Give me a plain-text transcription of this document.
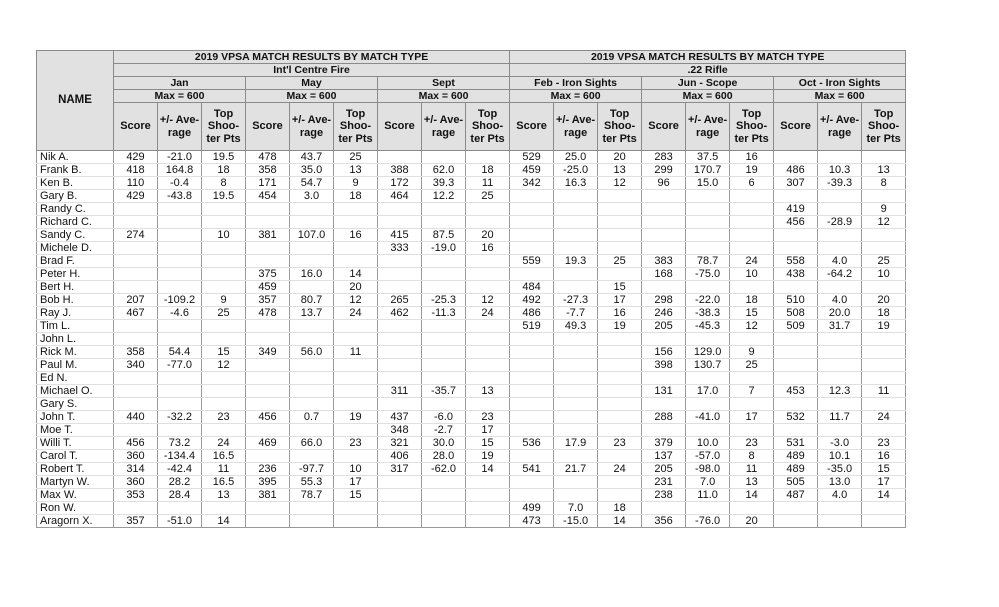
NAME	2019 VPSA MATCH RESULTS BY MATCH TYPE									2019 VPSA MATCH RESULTS BY MATCH TYPE								
	Int'l Centre Fire									.22 Rifle								
	Jan			May			Sept			Feb - Iron Sights			Jun - Scope			Oct - Iron Sights		
	Max = 600			Max = 600			Max = 600			Max = 600			Max = 600			Max = 600		
	Score	+/- Ave-rage	Top Shoo-ter Pts	Score	+/- Ave-rage	Top Shoo-ter Pts	Score	+/- Ave-rage	Top Shoo-ter Pts	Score	+/- Ave-rage	Top Shoo-ter Pts	Score	+/- Ave-rage	Top Shoo-ter Pts	Score	+/- Ave-rage	Top Shoo-ter Pts
Nik A.	429	-21.0	19.5	478	43.7	25				529	25.0	20	283	37.5	16			
Frank B.	418	164.8	18	358	35.0	13	388	62.0	18	459	-25.0	13	299	170.7	19	486	10.3	13
Ken B.	110	-0.4	8	171	54.7	9	172	39.3	11	342	16.3	12	96	15.0	6	307	-39.3	8
Gary B.	429	-43.8	19.5	454	3.0	18	464	12.2	25									
Randy C.																419		9
Richard C.																456	-28.9	12
Sandy C.	274		10	381	107.0	16	415	87.5	20									
Michele D.							333	-19.0	16									
Brad F.										559	19.3	25	383	78.7	24	558	4.0	25
Peter H.				375	16.0	14							168	-75.0	10	438	-64.2	10
Bert H.				459		20				484		15						
Bob H.	207	-109.2	9	357	80.7	12	265	-25.3	12	492	-27.3	17	298	-22.0	18	510	4.0	20
Ray J.	467	-4.6	25	478	13.7	24	462	-11.3	24	486	-7.7	16	246	-38.3	15	508	20.0	18
Tim L.										519	49.3	19	205	-45.3	12	509	31.7	19
John L.																		
Rick M.	358	54.4	15	349	56.0	11							156	129.0	9			
Paul M.	340	-77.0	12										398	130.7	25			
Ed N.																		
Michael O.							311	-35.7	13				131	17.0	7	453	12.3	11
Gary S.																		
John T.	440	-32.2	23	456	0.7	19	437	-6.0	23				288	-41.0	17	532	11.7	24
Moe T.							348	-2.7	17									
Willi T.	456	73.2	24	469	66.0	23	321	30.0	15	536	17.9	23	379	10.0	23	531	-3.0	23
Carol T.	360	-134.4	16.5				406	28.0	19				137	-57.0	8	489	10.1	16
Robert T.	314	-42.4	11	236	-97.7	10	317	-62.0	14	541	21.7	24	205	-98.0	11	489	-35.0	15
Martyn W.	360	28.2	16.5	395	55.3	17							231	7.0	13	505	13.0	17
Max W.	353	28.4	13	381	78.7	15							238	11.0	14	487	4.0	14
Ron W.										499	7.0	18						
Aragorn X.	357	-51.0	14							473	-15.0	14	356	-76.0	20			
